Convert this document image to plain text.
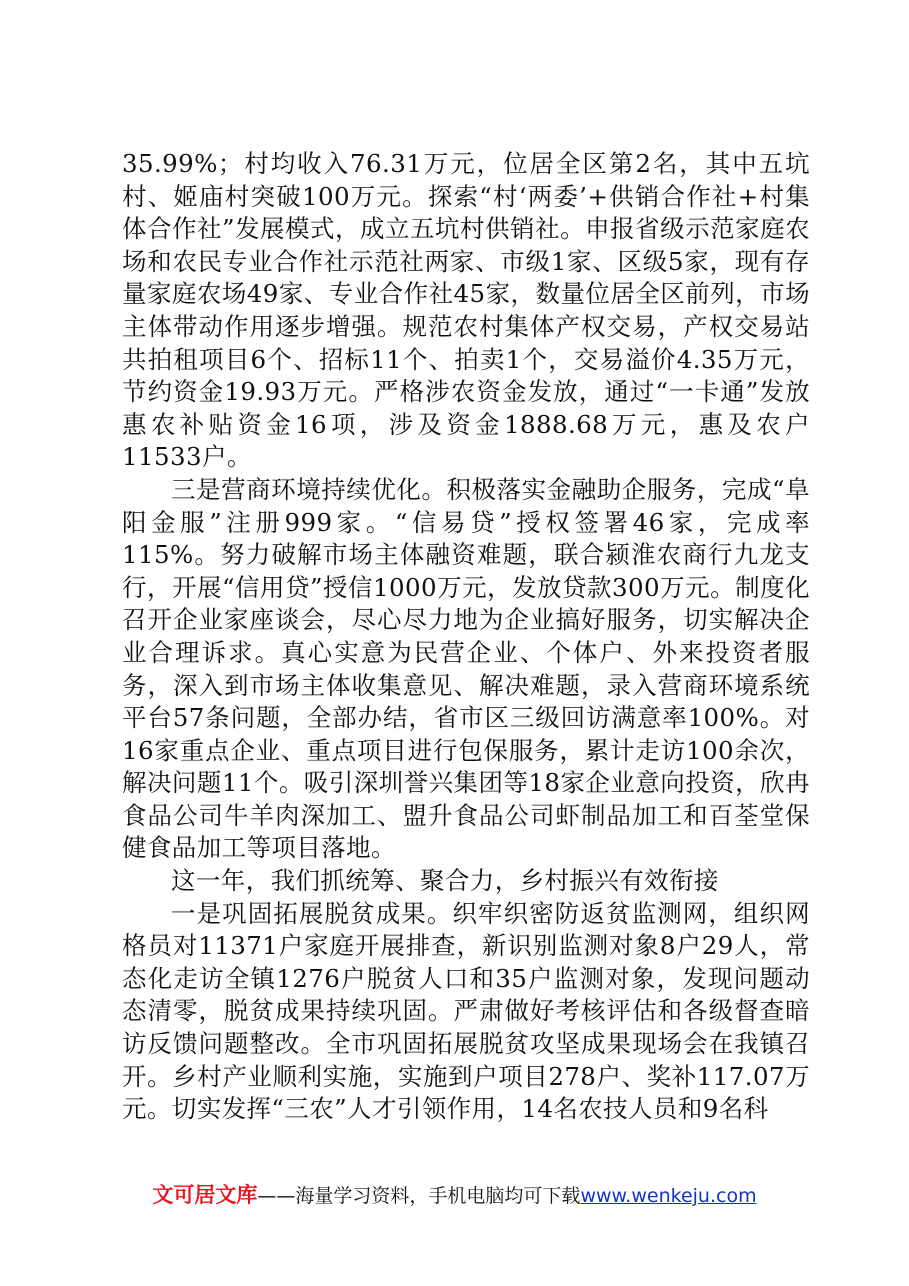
35.99%；村均收入76.31万元，位居全区第2名，其中五坑村、姬庙村突破100万元。探索“村‘两委’+供销合作社+村集体合作社”发展模式，成立五坑村供销社。申报省级示范家庭农场和农民专业合作社示范社两家、市级1家、区级5家，现有存量家庭农场49家、专业合作社45家，数量位居全区前列，市场主体带动作用逐步增强。规范农村集体产权交易，产权交易站共拍租项目6个、招标11个、拍卖1个，交易溢价4.35万元，节约资金19.93万元。严格涉农资金发放，通过“一卡通”发放惠农补贴资金16项，涉及资金1888.68万元，惠及农户11533户。

三是营商环境持续优化。积极落实金融助企服务，完成“阜阳金服”注册999家。“信易贷”授权签署46家，完成率115%。努力破解市场主体融资难题，联合颍淮农商行九龙支行，开展“信用贷”授信1000万元，发放贷款300万元。制度化召开企业家座谈会，尽心尽力地为企业搞好服务，切实解决企业合理诉求。真心实意为民营企业、个体户、外来投资者服务，深入到市场主体收集意见、解决难题，录入营商环境系统平台57条问题，全部办结，省市区三级回访满意率100%。对16家重点企业、重点项目进行包保服务，累计走访100余次，解决问题11个。吸引深圳誉兴集团等18家企业意向投资，欣冉食品公司牛羊肉深加工、盟升食品公司虾制品加工和百荃堂保健食品加工等项目落地。

这一年，我们抓统筹、聚合力，乡村振兴有效衔接

一是巩固拓展脱贫成果。织牢织密防返贫监测网，组织网格员对11371户家庭开展排查，新识别监测对象8户29人，常态化走访全镇1276户脱贫人口和35户监测对象，发现问题动态清零，脱贫成果持续巩固。严肃做好考核评估和各级督查暗访反馈问题整改。全市巩固拓展脱贫攻坚成果现场会在我镇召开。乡村产业顺利实施，实施到户项目278户、奖补117.07万元。切实发挥“三农”人才引领作用，14名农技人员和9名科

文可居文库——海量学习资料，手机电脑均可下载www.wenkeju.com
